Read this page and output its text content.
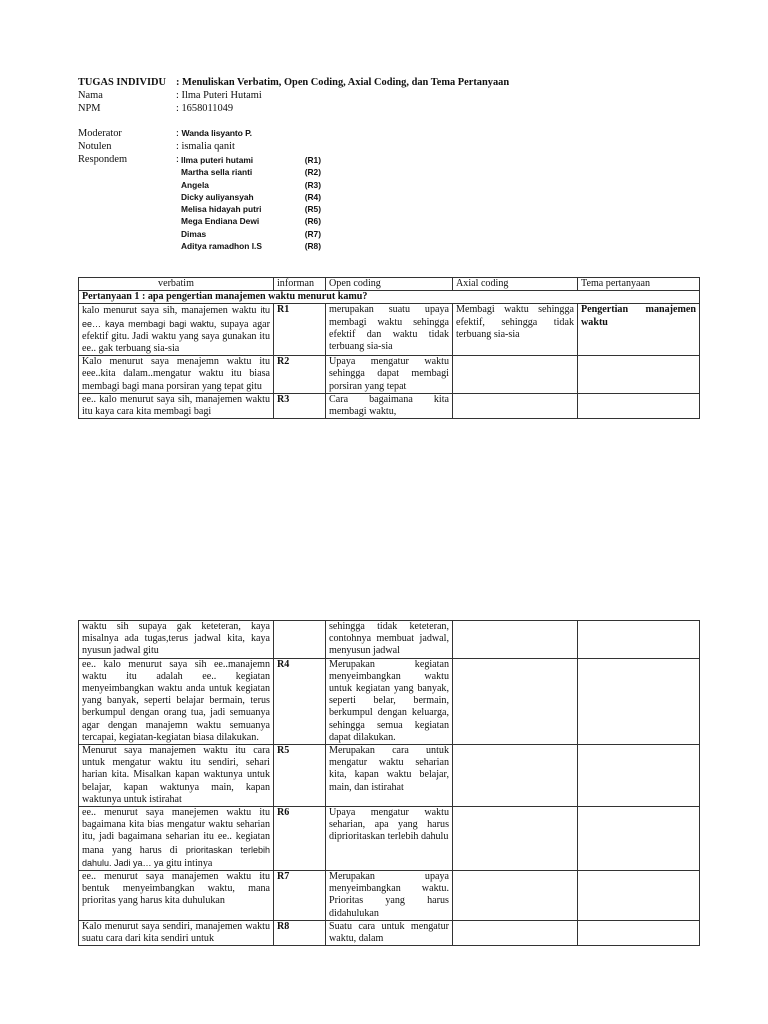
TUGAS INDIVIDU : Menuliskan Verbatim, Open Coding, Axial Coding, dan Tema Pertanyaan
Nama	: Ilma Puteri Hutami
NPM	: 1658011049
Moderator	: Wanda lisyanto P.
Notulen	: ismalia qanit
Respondem	: Ilma puteri hutami	(R1)
Martha sella rianti	(R2)
Angela	(R3)
Dicky auliyansyah	(R4)
Melisa hidayah putri	(R5)
Mega Endiana Dewi	(R6)
Dimas	(R7)
Aditya ramadhon I.S	(R8)
verbatim	informan	Open coding	Axial coding	Tema pertanyaan
Pertanyaan 1 : apa pengertian manajemen waktu menurut kamu?				
kalo menurut saya sih, manajemen waktu itu ee… kaya membagi bagi waktu, supaya agar efektif gitu. Jadi waktu yang saya gunakan itu ee.. gak terbuang sia-sia	R1	merupakan suatu upaya membagi waktu sehingga efektif dan waktu tidak terbuang sia-sia	Membagi waktu sehingga efektif, sehingga tidak terbuang sia-sia	Pengertian manajemen waktu
Kalo menurut saya menajemn waktu itu eee..kita dalam..mengatur waktu itu biasa membagi bagi mana porsiran yang tepat gitu	R2	Upaya mengatur waktu sehingga dapat membagi porsiran yang tepat		
ee.. kalo menurut saya sih, manajemen waktu itu kaya cara kita membagi bagi	R3	Cara bagaimana kita membagi waktu,		
waktu sih supaya gak keteteran, kaya misalnya ada tugas,terus jadwal kita, kaya nyusun jadwal gitu		sehingga tidak keteteran, contohnya membuat jadwal, menyusun jadwal		
ee.. kalo menurut saya sih ee..manajemn waktu itu adalah ee.. kegiatan menyeimbangkan waktu anda untuk kegiatan yang banyak, seperti belajar bermain, terus berkumpul dengan orang tua, jadi semuanya agar dengan manajemn waktu semuanya tercapai, kegiatan-kegiatan biasa dilakukan.	R4	Merupakan kegiatan menyeimbangkan waktu untuk kegiatan yang banyak, seperti belar, bermain, berkumpul dengan keluarga, sehingga semua kegiatan dapat dilakukan.		
Menurut saya manajemen waktu itu cara untuk mengatur waktu itu sendiri, sehari harian kita. Misalkan kapan waktunya untuk belajar, kapan waktunya main, kapan waktunya untuk istirahat	R5	Merupakan cara untuk mengatur waktu seharian kita, kapan waktu belajar, main, dan istirahat		
ee.. menurut saya manejemen waktu itu bagaimana kita bias mengatur waktu seharian itu, jadi bagaimana seharian itu ee.. kegiatan mana yang harus di prioritaskan terlebih dahulu. Jadi ya… ya gitu intinya	R6	Upaya mengatur waktu seharian, apa yang harus diprioritaskan terlebih dahulu		
ee.. menurut saya manajemen waktu itu bentuk menyeimbangkan waktu, mana prioritas yang harus kita duhulukan	R7	Merupakan upaya menyeimbangkan waktu. Prioritas yang harus didahulukan		
Kalo menurut saya sendiri, manajemen waktu suatu cara dari kita sendiri untuk	R8	Suatu cara untuk mengatur waktu, dalam		
